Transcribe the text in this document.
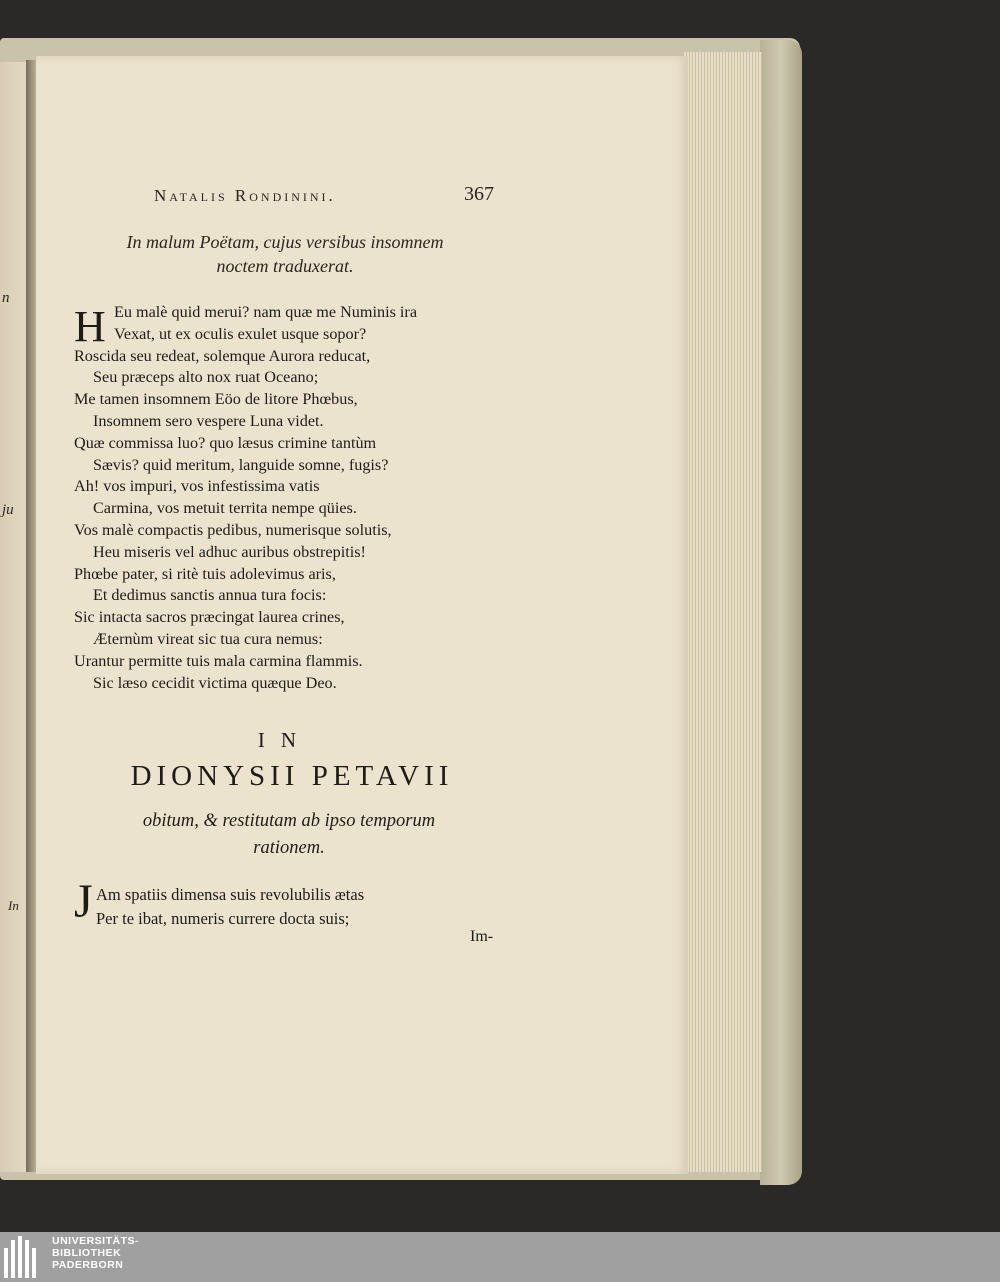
n
ju
In
Natalis Rondinini.	367
In malum Poëtam, cujus versibus insomnem
noctem traduxerat.
H Eu malè quid merui? nam quæ me Numinis ira
Vexat, ut ex oculis exulet usque sopor?
Roscida seu redeat, solemque Aurora reducat,
Seu præceps alto nox ruat Oceano;
Me tamen insomnem Eöo de litore Phœbus,
Insomnem sero vespere Luna videt.
Quæ commissa luo? quo læsus crimine tantùm
Sævis? quid meritum, languide somne, fugis?
Ah! vos impuri, vos infestissima vatis
Carmina, vos metuit territa nempe qüies.
Vos malè compactis pedibus, numerisque solutis,
Heu miseris vel adhuc auribus obstrepitis!
Phœbe pater, si ritè tuis adolevimus aris,
Et dedimus sanctis annua tura focis:
Sic intacta sacros præcingat laurea crines,
Æternùm vireat sic tua cura nemus:
Urantur permitte tuis mala carmina flammis.
Sic læso cecidit victima quæque Deo.
IN
DIONYSII PETAVII
obitum, & restitutam ab ipso temporum
rationem.
J Am spatiis dimensa suis revolubilis ætas
Per te ibat, numeris currere docta suis;
Im-
UNIVERSITÄTS-
BIBLIOTHEK
PADERBORN
